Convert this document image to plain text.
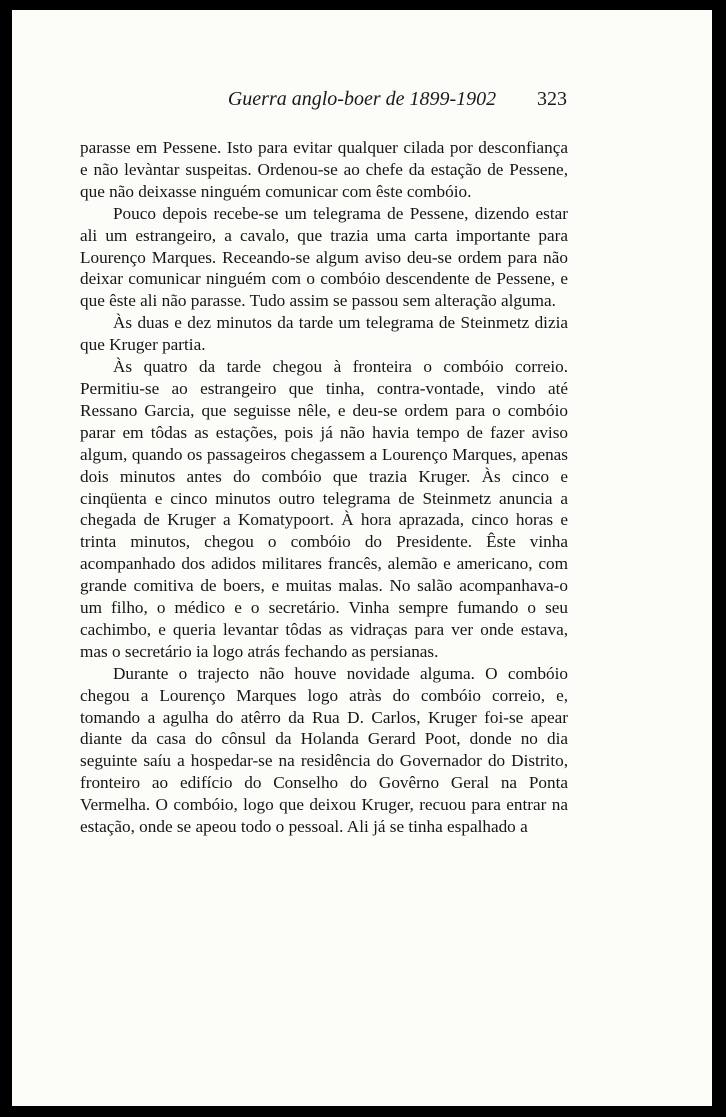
Guerra anglo-boer de 1899-1902	323

parasse em Pessene. Isto para evitar qualquer cilada por desconfiança e não levàntar suspeitas. Ordenou-se ao chefe da estação de Pessene, que não deixasse ninguém comunicar com êste combóio.

Pouco depois recebe-se um telegrama de Pessene, dizendo estar ali um estrangeiro, a cavalo, que trazia uma carta importante para Lourenço Marques. Receando-se algum aviso deu-se ordem para não deixar comunicar ninguém com o combóio descendente de Pessene, e que êste ali não parasse. Tudo assim se passou sem alteração alguma.

Às duas e dez minutos da tarde um telegrama de Steinmetz dizia que Kruger partia.

Às quatro da tarde chegou à fronteira o combóio correio. Permitiu-se ao estrangeiro que tinha, contra-vontade, vindo até Ressano Garcia, que seguisse nêle, e deu-se ordem para o combóio parar em tôdas as estações, pois já não havia tempo de fazer aviso algum, quando os passageiros chegassem a Lourenço Marques, apenas dois minutos antes do combóio que trazia Kruger. Às cinco e cinqüenta e cinco minutos outro telegrama de Steinmetz anuncia a chegada de Kruger a Komatypoort. À hora aprazada, cinco horas e trinta minutos, chegou o combóio do Presidente. Êste vinha acompanhado dos adidos militares francês, alemão e americano, com grande comitiva de boers, e muitas malas. No salão acompanhava-o um filho, o médico e o secretário. Vinha sempre fumando o seu cachimbo, e queria levantar tôdas as vidraças para ver onde estava, mas o secretário ia logo atrás fechando as persianas.

Durante o trajecto não houve novidade alguma. O combóio chegou a Lourenço Marques logo atràs do combóio correio, e, tomando a agulha do atêrro da Rua D. Carlos, Kruger foi-se apear diante da casa do cônsul da Holanda Gerard Poot, donde no dia seguinte saíu a hospedar-se na residência do Governador do Distrito, fronteiro ao edifício do Conselho do Govêrno Geral na Ponta Vermelha. O combóio, logo que deixou Kruger, recuou para entrar na estação, onde se apeou todo o pessoal. Ali já se tinha espalhado a
